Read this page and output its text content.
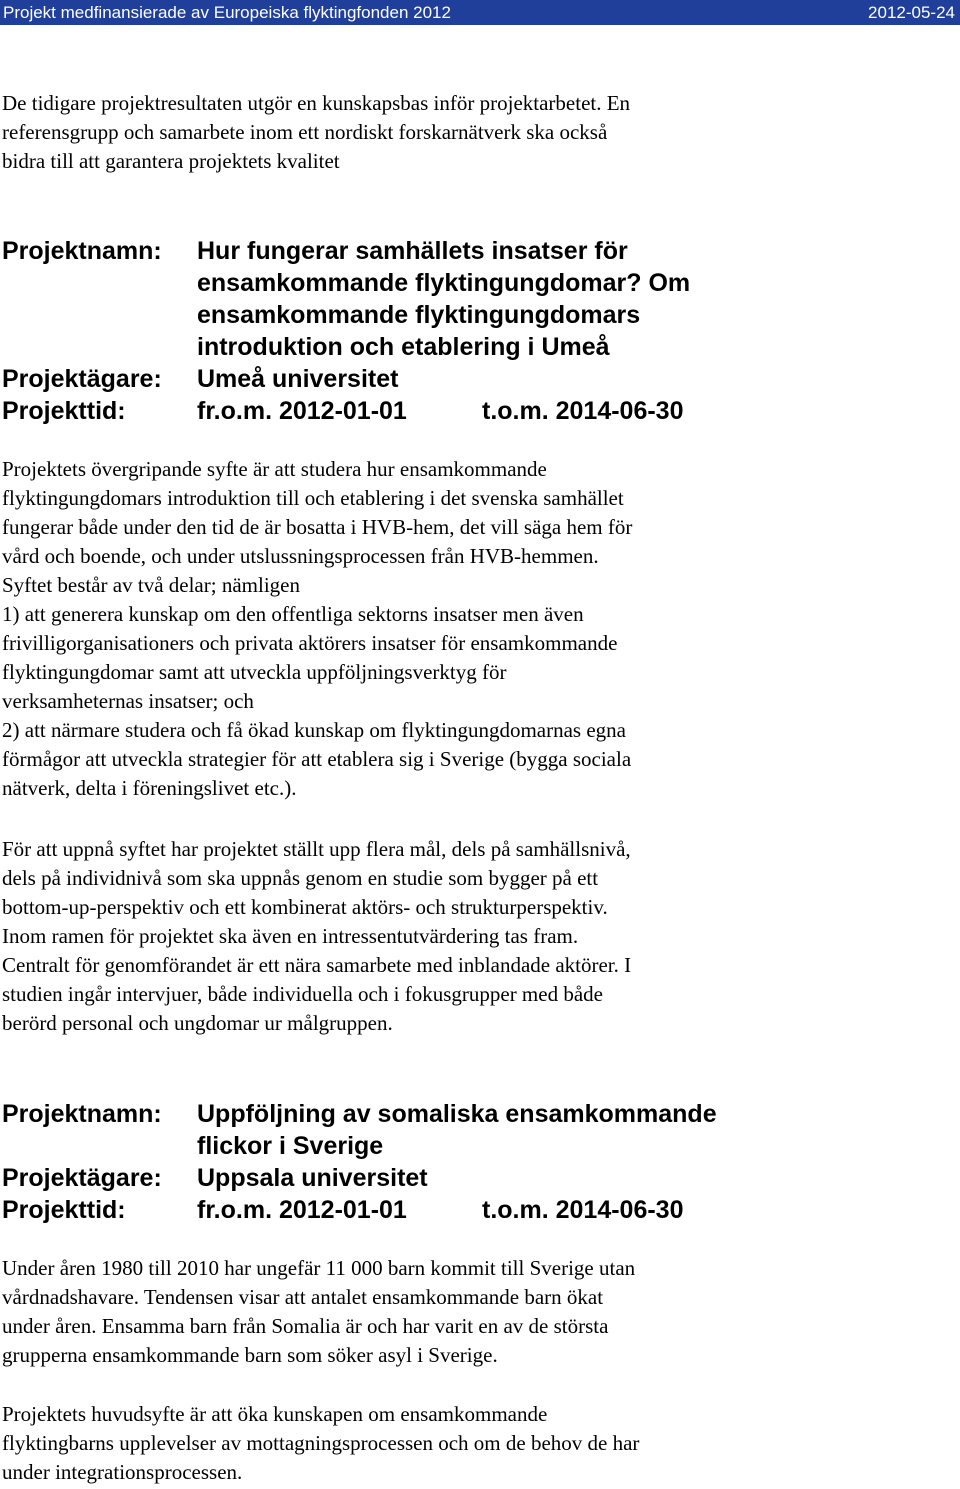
Projekt medfinansierade av Europeiska flyktingfonden 2012	2012-05-24
De tidigare projektresultaten utgör en kunskapsbas inför projektarbetet. En
referensgrupp och samarbete inom ett nordiskt forskarnätverk ska också
bidra till att garantera projektets kvalitet
Projektnamn: Hur fungerar samhällets insatser för
ensamkommande flyktingungdomar? Om
ensamkommande flyktingungdomars
introduktion och etablering i Umeå
Projektägare: Umeå universitet
Projekttid:	fr.o.m. 2012-01-01	t.o.m. 2014-06-30
Projektets övergripande syfte är att studera hur ensamkommande
flyktingungdomars introduktion till och etablering i det svenska samhället
fungerar både under den tid de är bosatta i HVB-hem, det vill säga hem för
vård och boende, och under utslussningsprocessen från HVB-hemmen.
Syftet består av två delar; nämligen
1) att generera kunskap om den offentliga sektorns insatser men även
frivilligorganisationers och privata aktörers insatser för ensamkommande
flyktingungdomar samt att utveckla uppföljningsverktyg för
verksamheternas insatser; och
2) att närmare studera och få ökad kunskap om flyktingungdomarnas egna
förmågor att utveckla strategier för att etablera sig i Sverige (bygga sociala
nätverk, delta i föreningslivet etc.).
För att uppnå syftet har projektet ställt upp flera mål, dels på samhällsnivå,
dels på individnivå som ska uppnås genom en studie som bygger på ett
bottom-up-perspektiv och ett kombinerat aktörs- och strukturperspektiv.
Inom ramen för projektet ska även en intressentutvärdering tas fram.
Centralt för genomförandet är ett nära samarbete med inblandade aktörer. I
studien ingår intervjuer, både individuella och i fokusgrupper med både
berörd personal och ungdomar ur målgruppen.
Projektnamn: Uppföljning av somaliska ensamkommande
flickor i Sverige
Projektägare: Uppsala universitet
Projekttid:	fr.o.m. 2012-01-01	t.o.m. 2014-06-30
Under åren 1980 till 2010 har ungefär 11 000 barn kommit till Sverige utan
vårdnadshavare. Tendensen visar att antalet ensamkommande barn ökat
under åren. Ensamma barn från Somalia är och har varit en av de största
grupperna ensamkommande barn som söker asyl i Sverige.
Projektets huvudsyfte är att öka kunskapen om ensamkommande
flyktingbarns upplevelser av mottagningsprocessen och om de behov de har
under integrationsprocessen.
